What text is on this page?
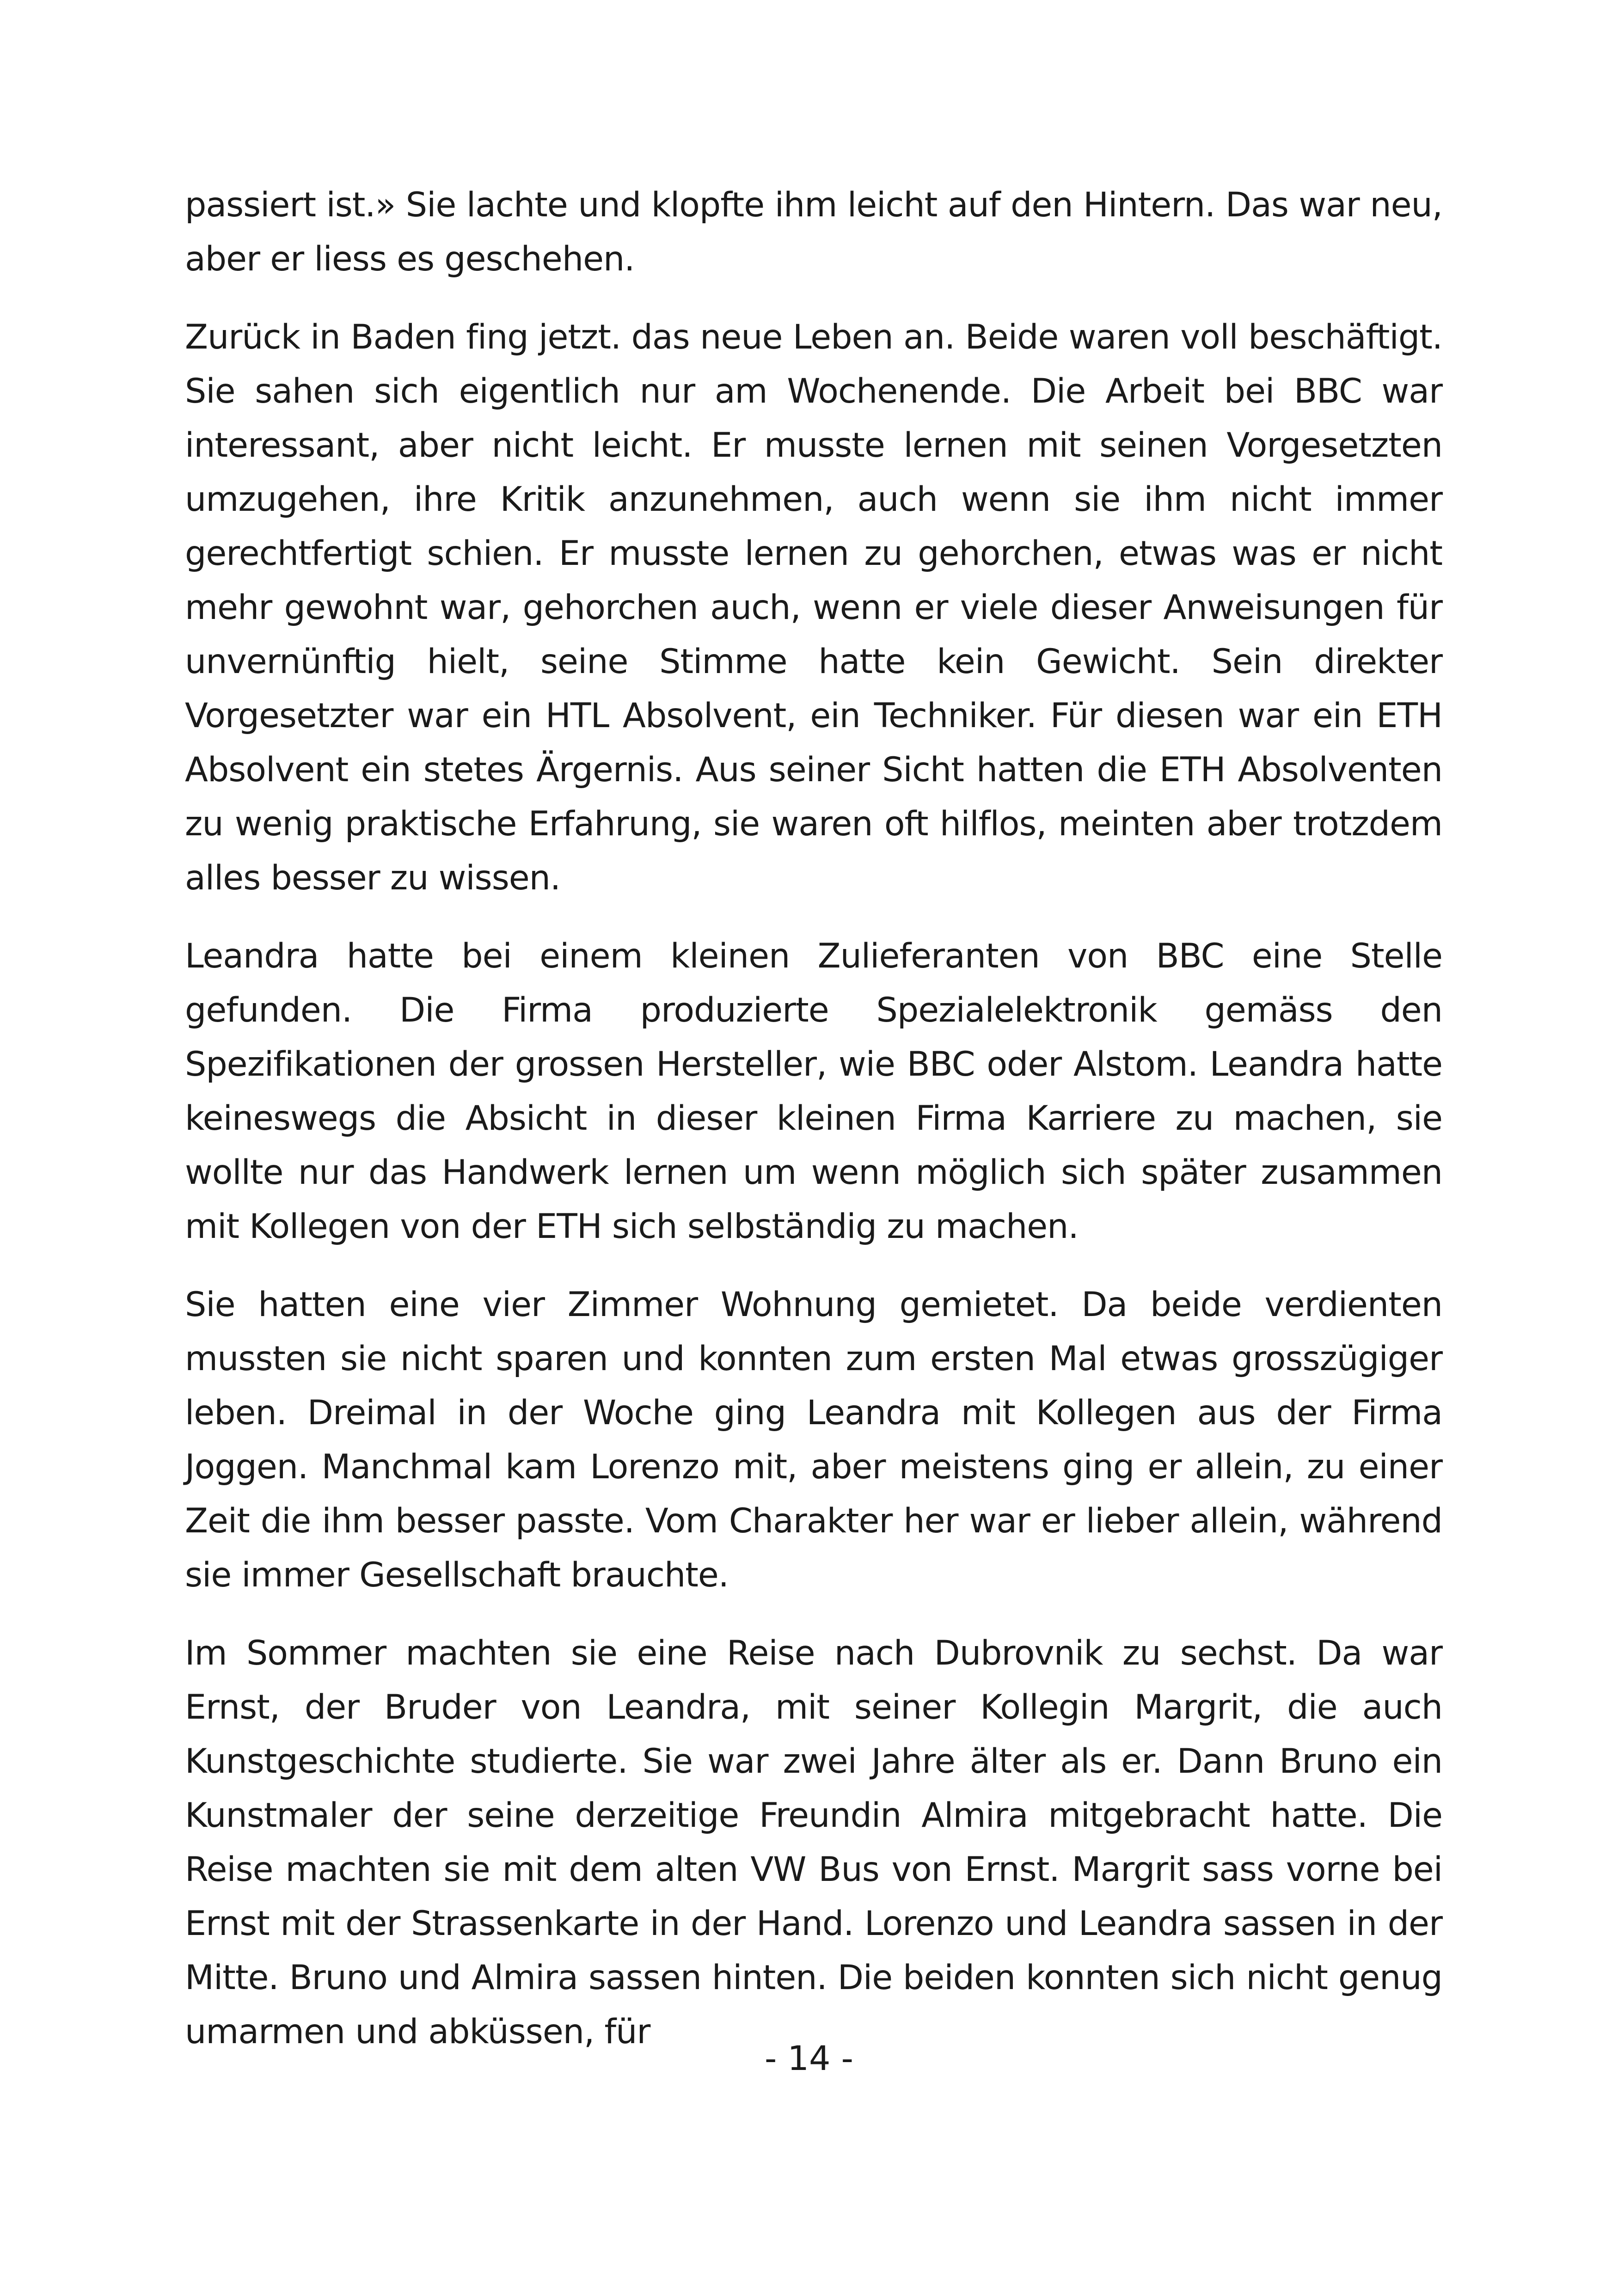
passiert ist.» Sie lachte und klopfte ihm leicht auf den Hintern. Das war neu, aber er liess es geschehen.

Zurück in Baden fing jetzt. das neue Leben an. Beide waren voll beschäftigt. Sie sahen sich eigentlich nur am Wochenende. Die Arbeit bei BBC war interessant, aber nicht leicht. Er musste lernen mit seinen Vorgesetzten umzugehen, ihre Kritik anzunehmen, auch wenn sie ihm nicht immer gerechtfertigt schien. Er musste lernen zu gehorchen, etwas was er nicht mehr gewohnt war, gehorchen auch, wenn er viele dieser Anweisungen für unvernünftig hielt, seine Stimme hatte kein Gewicht. Sein direkter Vorgesetzter war ein HTL Absolvent, ein Techniker. Für diesen war ein ETH Absolvent ein stetes Ärgernis. Aus seiner Sicht hatten die ETH Absolventen zu wenig praktische Erfahrung, sie waren oft hilflos, meinten aber trotzdem alles besser zu wissen.

Leandra hatte bei einem kleinen Zulieferanten von BBC eine Stelle gefunden. Die Firma produzierte Spezialelektronik gemäss den Spezifikationen der grossen Hersteller, wie BBC oder Alstom. Leandra hatte keineswegs die Absicht in dieser kleinen Firma Karriere zu machen, sie wollte nur das Handwerk lernen um wenn möglich sich später zusammen mit Kollegen von der ETH sich selbständig zu machen.

Sie hatten eine vier Zimmer Wohnung gemietet. Da beide verdienten mussten sie nicht sparen und konnten zum ersten Mal etwas grosszügiger leben. Dreimal in der Woche ging Leandra mit Kollegen aus der Firma Joggen. Manchmal kam Lorenzo mit, aber meistens ging er allein, zu einer Zeit die ihm besser passte. Vom Charakter her war er lieber allein, während sie immer Gesellschaft brauchte.

Im Sommer machten sie eine Reise nach Dubrovnik zu sechst. Da war Ernst, der Bruder von Leandra, mit seiner Kollegin Margrit, die auch Kunstgeschichte studierte. Sie war zwei Jahre älter als er. Dann Bruno ein Kunstmaler der seine derzeitige Freundin Almira mitgebracht hatte. Die Reise machten sie mit dem alten VW Bus von Ernst. Margrit sass vorne bei Ernst mit der Strassenkarte in der Hand. Lorenzo und Leandra sassen in der Mitte. Bruno und Almira sassen hinten. Die beiden konnten sich nicht genug umarmen und abküssen, für

- 14 -
